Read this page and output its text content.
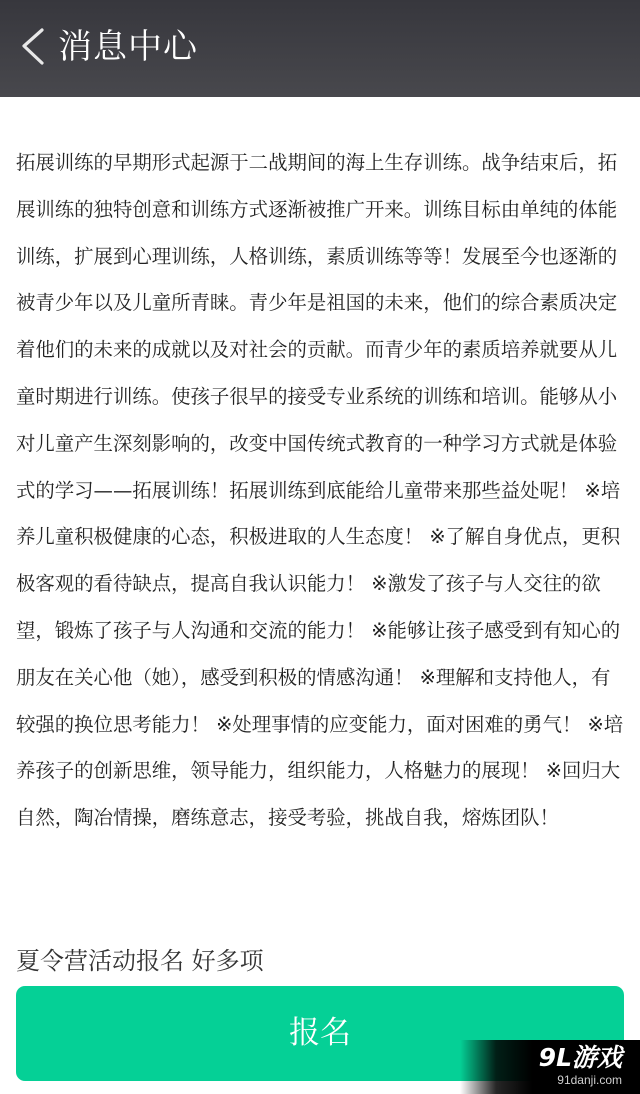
消息中心
拓展训练的早期形式起源于二战期间的海上生存训练。战争结束后，拓展训练的独特创意和训练方式逐渐被推广开来。训练目标由单纯的体能训练，扩展到心理训练，人格训练，素质训练等等！发展至今也逐渐的被青少年以及儿童所青睐。青少年是祖国的未来，他们的综合素质决定着他们的未来的成就以及对社会的贡献。而青少年的素质培养就要从儿童时期进行训练。使孩子很早的接受专业系统的训练和培训。能够从小对儿童产生深刻影响的，改变中国传统式教育的一种学习方式就是体验式的学习——拓展训练！拓展训练到底能给儿童带来那些益处呢！ ※培养儿童积极健康的心态，积极进取的人生态度！ ※了解自身优点，更积极客观的看待缺点，提高自我认识能力！ ※激发了孩子与人交往的欲望，锻炼了孩子与人沟通和交流的能力！ ※能够让孩子感受到有知心的朋友在关心他（她），感受到积极的情感沟通！ ※理解和支持他人，有较强的换位思考能力！ ※处理事情的应变能力，面对困难的勇气！ ※培养孩子的创新思维，领导能力，组织能力，人格魅力的展现！ ※回归大自然，陶冶情操，磨练意志，接受考验，挑战自我，熔炼团队！
夏令营活动报名 好多项
报名
9L游戏
91danji.com
